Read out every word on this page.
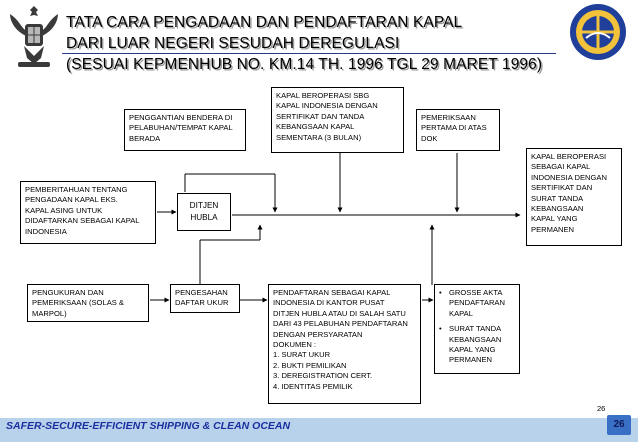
TATA CARA PENGADAAN DAN PENDAFTARAN KAPAL
DARI LUAR NEGERI SESUDAH DEREGULASI
(SESUAI KEPMENHUB NO. KM.14 TH. 1996 TGL 29 MARET 1996)
PEMBERITAHUAN TENTANG
PENGADAAN KAPAL EKS.
KAPAL ASING UNTUK
DIDAFTARKAN SEBAGAI KAPAL
INDONESIA
DITJEN
HUBLA
PENGGANTIAN BENDERA DI
PELABUHAN/TEMPAT KAPAL
BERADA
KAPAL BEROPERASI SBG
KAPAL INDONESIA DENGAN
SERTIFIKAT DAN TANDA
KEBANGSAAN KAPAL
SEMENTARA (3 BULAN)
PEMERIKSAAN
PERTAMA DI ATAS
DOK
KAPAL BEROPERASI
SEBAGAI KAPAL
INDONESIA DENGAN
SERTIFIKAT DAN
SURAT TANDA
KEBANGSAAN
KAPAL YANG
PERMANEN
PENGUKURAN DAN
PEMERIKSAAN (SOLAS &
MARPOL)
PENGESAHAN
DAFTAR UKUR
PENDAFTARAN SEBAGAI KAPAL
INDONESIA DI KANTOR PUSAT
DITJEN HUBLA ATAU DI SALAH SATU
DARI 43 PELABUHAN PENDAFTARAN
DENGAN PERSYARATAN
DOKUMEN :
1. SURAT UKUR
2. BUKTI PEMILIKAN
3. DEREGISTRATION CERT.
4. IDENTITAS PEMILIK
• GROSSE AKTA
PENDAFTARAN
KAPAL
• SURAT TANDA
KEBANGSAAN
KAPAL YANG
PERMANEN
26
SAFER-SECURE-EFFICIENT SHIPPING & CLEAN OCEAN	26
